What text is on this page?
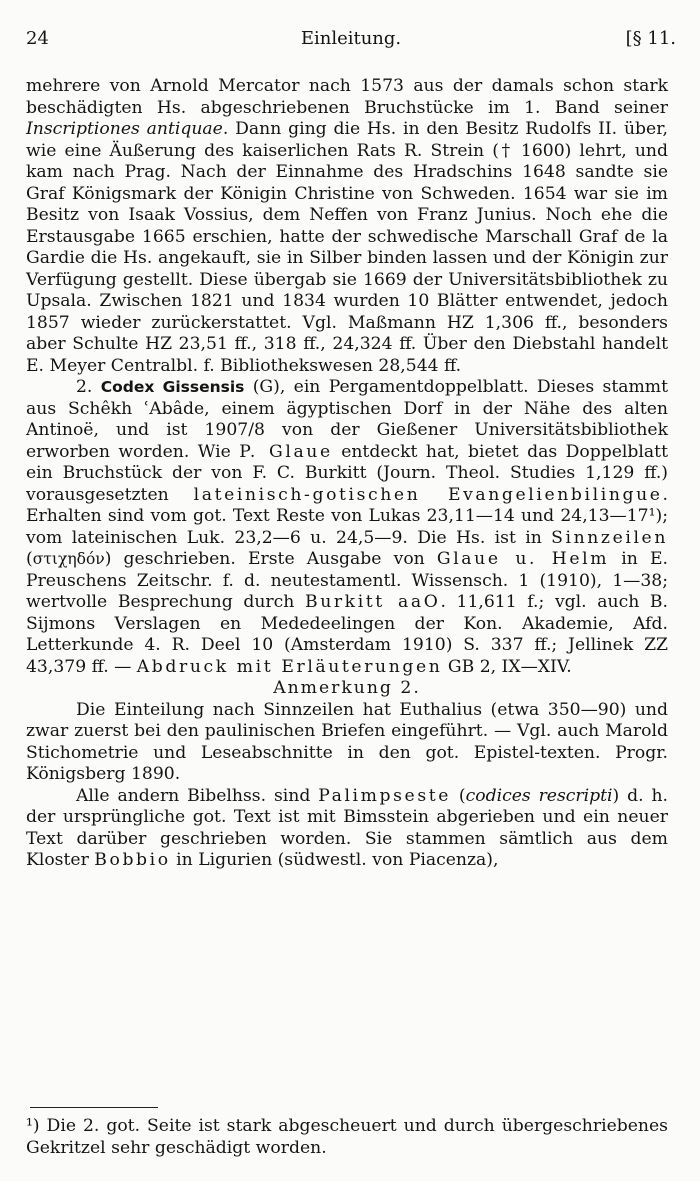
24	Einleitung.	[§ 11.

mehrere von Arnold Mercator nach 1573 aus der damals schon stark beschädigten Hs. abgeschriebenen Bruchstücke im 1. Band seiner Inscriptiones antiquae. Dann ging die Hs. in den Besitz Rudolfs II. über, wie eine Äußerung des kaiserlichen Rats R. Strein († 1600) lehrt, und kam nach Prag. Nach der Einnahme des Hradschins 1648 sandte sie Graf Königsmark der Königin Christine von Schweden. 1654 war sie im Besitz von Isaak Vossius, dem Neffen von Franz Junius. Noch ehe die Erstausgabe 1665 erschien, hatte der schwedische Marschall Graf de la Gardie die Hs. angekauft, sie in Silber binden lassen und der Königin zur Verfügung gestellt. Diese übergab sie 1669 der Universitätsbibliothek zu Upsala. Zwischen 1821 und 1834 wurden 10 Blätter entwendet, jedoch 1857 wieder zurückerstattet. Vgl. Maßmann HZ 1,306 ff., besonders aber Schulte HZ 23,51 ff., 318 ff., 24,324 ff. Über den Diebstahl handelt E. Meyer Centralbl. f. Bibliothekswesen 28,544 ff.

2. Codex Gissensis (G), ein Pergamentdoppelblatt. Dieses stammt aus Schêkh ʿAbâde, einem ägyptischen Dorf in der Nähe des alten Antinoë, und ist 1907/8 von der Gießener Universitätsbibliothek erworben worden. Wie P. Glaue entdeckt hat, bietet das Doppelblatt ein Bruchstück der von F. C. Burkitt (Journ. Theol. Studies 1,129 ff.) vorausgesetzten lateinisch-gotischen Evangelienbilingue. Erhalten sind vom got. Text Reste von Lukas 23,11—14 und 24,13—17¹); vom lateinischen Luk. 23,2—6 u. 24,5—9. Die Hs. ist in Sinnzeilen (στιχηδόν) geschrieben. Erste Ausgabe von Glaue u. Helm in E. Preuschens Zeitschr. f. d. neutestamentl. Wissensch. 1 (1910), 1—38; wertvolle Besprechung durch Burkitt aaO. 11,611 f.; vgl. auch B. Sijmons Verslagen en Mededeelingen der Kon. Akademie, Afd. Letterkunde 4. R. Deel 10 (Amsterdam 1910) S. 337 ff.; Jellinek ZZ 43,379 ff. — Abdruck mit Erläuterungen GB 2, IX—XIV.

Anmerkung 2.

Die Einteilung nach Sinnzeilen hat Euthalius (etwa 350—90) und zwar zuerst bei den paulinischen Briefen eingeführt. — Vgl. auch Marold Stichometrie und Leseabschnitte in den got. Epistel-texten. Progr. Königsberg 1890.

Alle andern Bibelhss. sind Palimpseste (codices rescripti) d. h. der ursprüngliche got. Text ist mit Bimsstein abgerieben und ein neuer Text darüber geschrieben worden. Sie stammen sämtlich aus dem Kloster Bobbio in Ligurien (südwestl. von Piacenza),

¹) Die 2. got. Seite ist stark abgescheuert und durch übergeschriebenes Gekritzel sehr geschädigt worden.
